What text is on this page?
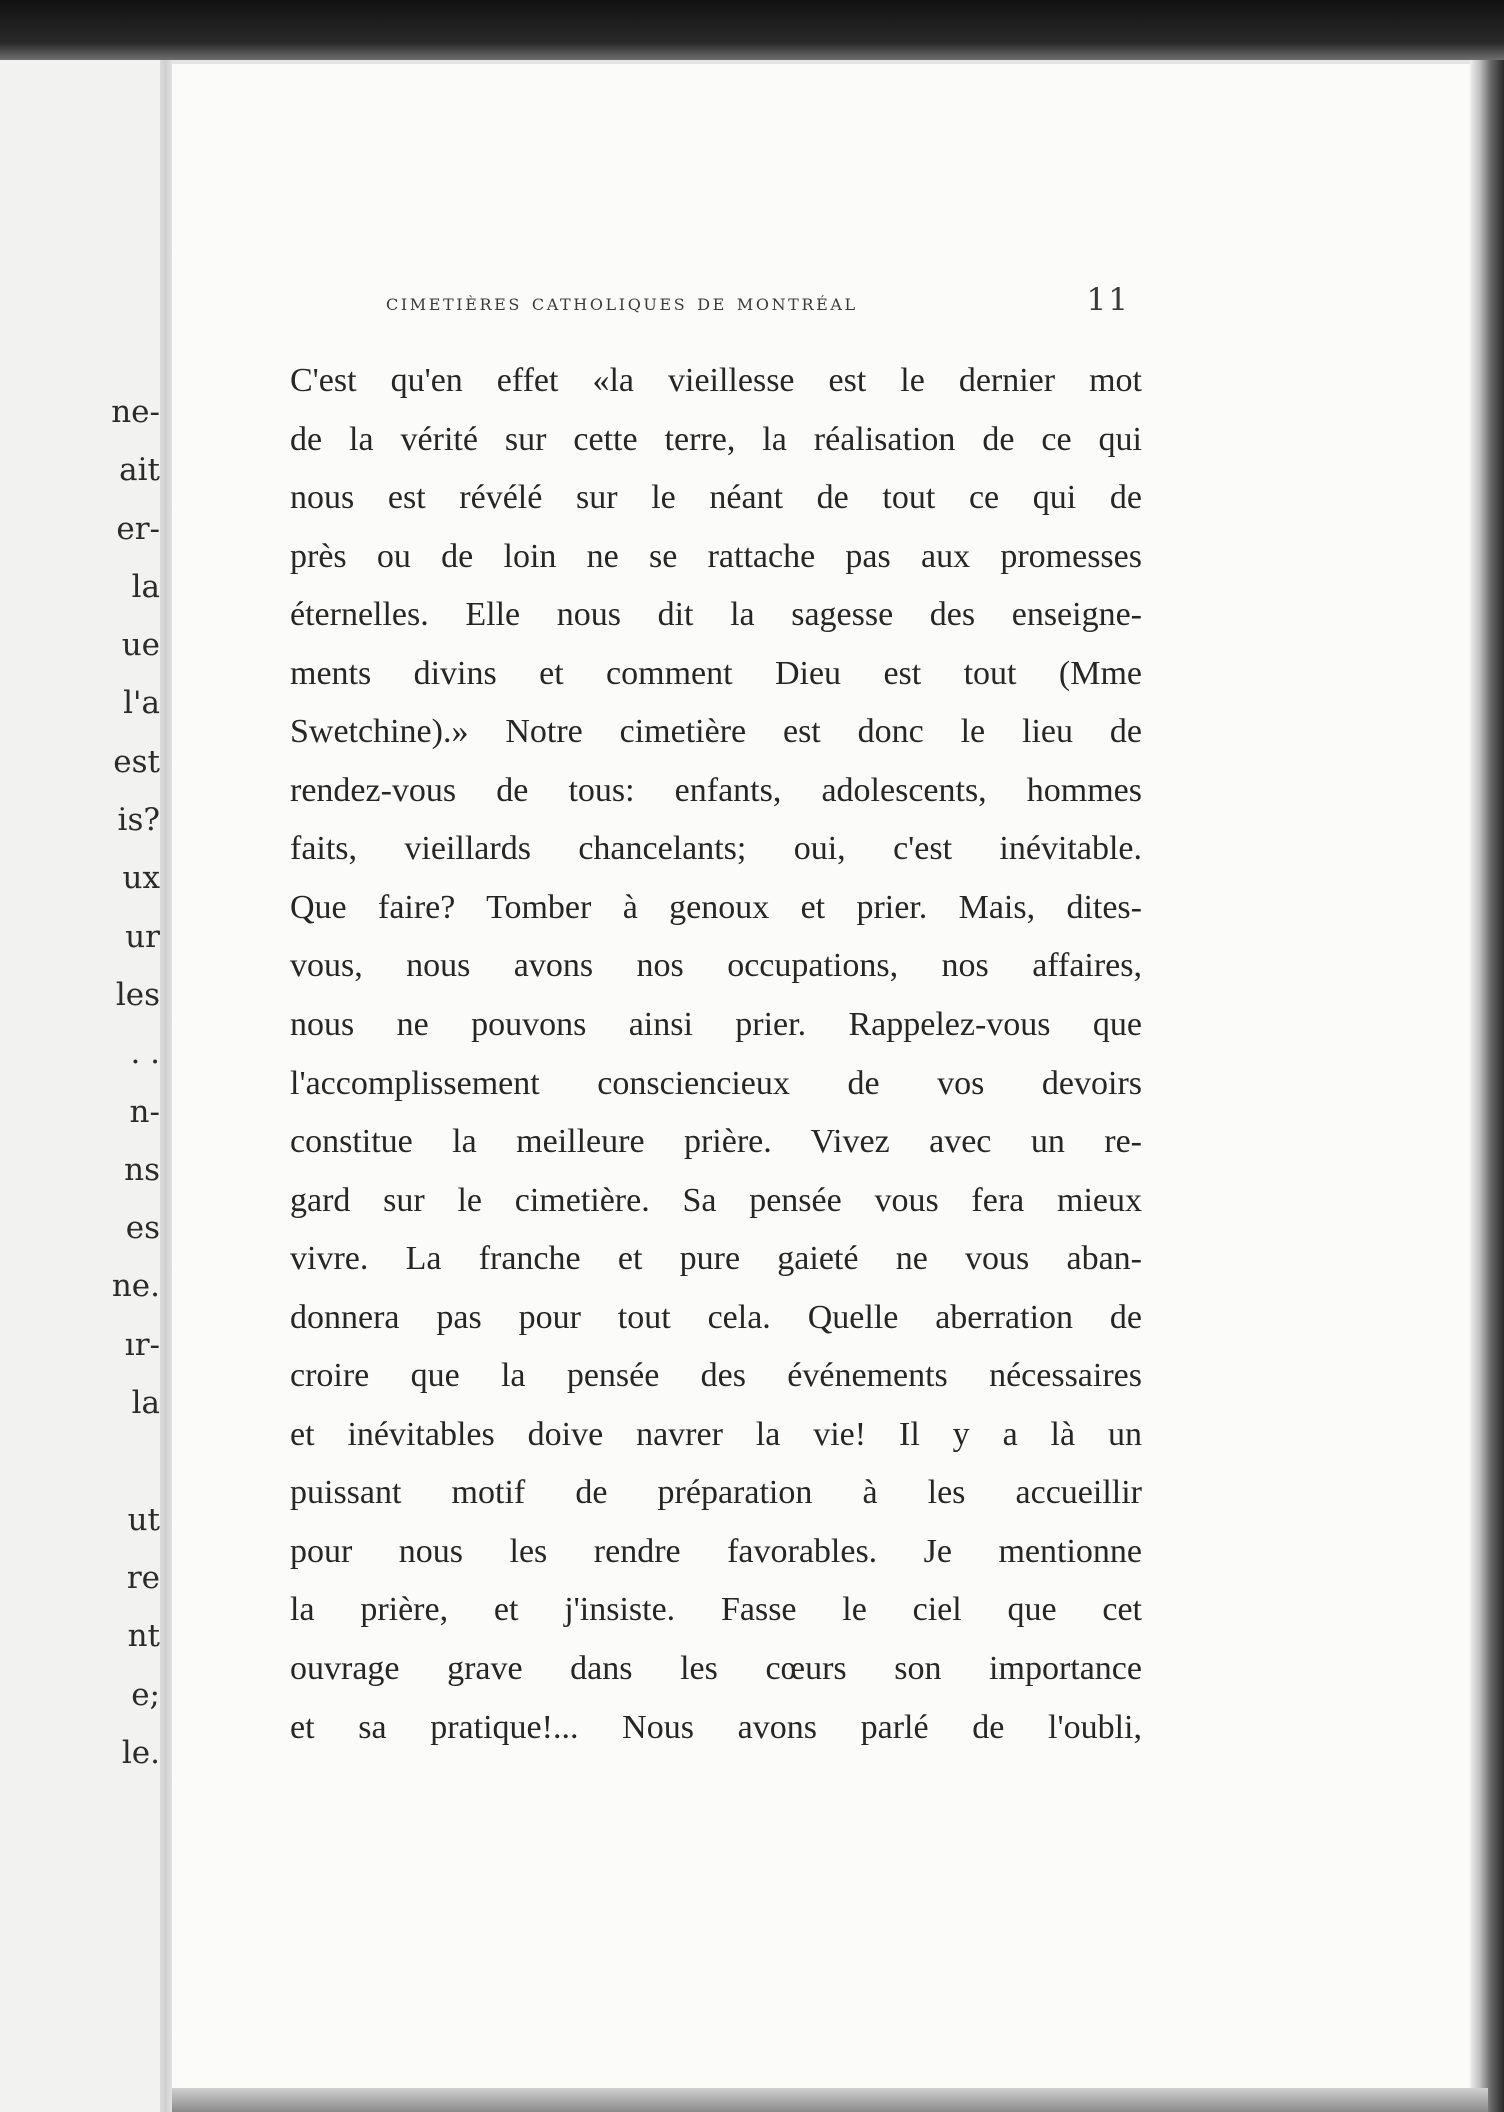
ne-
ait
er-
la
ue
l'a
est
is?
ux
ur
les
. .
n-
ns
es
ne.
ır-
la
ut
re
nt
e;
le.
cimetières catholiques de montréal	11
C'est qu'en effet «la vieillesse est le dernier mot
de la vérité sur cette terre, la réalisation de ce qui
nous est révélé sur le néant de tout ce qui de
près ou de loin ne se rattache pas aux promesses
éternelles. Elle nous dit la sagesse des enseigne-
ments divins et comment Dieu est tout (Mme
Swetchine).» Notre cimetière est donc le lieu de
rendez-vous de tous: enfants, adolescents, hommes
faits, vieillards chancelants; oui, c'est inévitable.
Que faire? Tomber à genoux et prier. Mais, dites-
vous, nous avons nos occupations, nos affaires,
nous ne pouvons ainsi prier. Rappelez-vous que
l'accomplissement consciencieux de vos devoirs
constitue la meilleure prière. Vivez avec un re-
gard sur le cimetière. Sa pensée vous fera mieux
vivre. La franche et pure gaieté ne vous aban-
donnera pas pour tout cela. Quelle aberration de
croire que la pensée des événements nécessaires
et inévitables doive navrer la vie! Il y a là un
puissant motif de préparation à les accueillir
pour nous les rendre favorables. Je mentionne
la prière, et j'insiste. Fasse le ciel que cet
ouvrage grave dans les cœurs son importance
et sa pratique!... Nous avons parlé de l'oubli,
